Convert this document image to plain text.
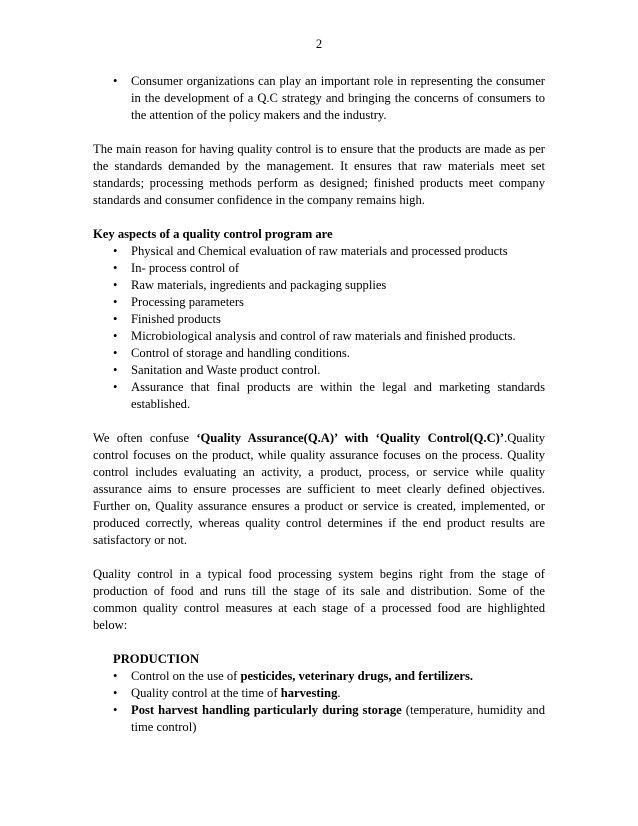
2
• Consumer organizations can play an important role in representing the consumer in the development of a Q.C strategy and bringing the concerns of consumers to the attention of the policy makers and the industry.

The main reason for having quality control is to ensure that the products are made as per the standards demanded by the management. It ensures that raw materials meet set standards; processing methods perform as designed; finished products meet company standards and consumer confidence in the company remains high.

Key aspects of a quality control program are

• Physical and Chemical evaluation of raw materials and processed products
• In- process control of
• Raw materials, ingredients and packaging supplies
• Processing parameters
• Finished products
• Microbiological analysis and control of raw materials and finished products.
• Control of storage and handling conditions.
• Sanitation and Waste product control.
• Assurance that final products are within the legal and marketing standards established.

We often confuse ‘Quality Assurance(Q.A)’ with ‘Quality Control(Q.C)’.Quality control focuses on the product, while quality assurance focuses on the process. Quality control includes evaluating an activity, a product, process, or service while quality assurance aims to ensure processes are sufficient to meet clearly defined objectives. Further on, Quality assurance ensures a product or service is created, implemented, or produced correctly, whereas quality control determines if the end product results are satisfactory or not.

Quality control in a typical food processing system begins right from the stage of production of food and runs till the stage of its sale and distribution. Some of the common quality control measures at each stage of a processed food are highlighted below:

PRODUCTION

• Control on the use of pesticides, veterinary drugs, and fertilizers.
• Quality control at the time of harvesting.
• Post harvest handling particularly during storage (temperature, humidity and time control)
